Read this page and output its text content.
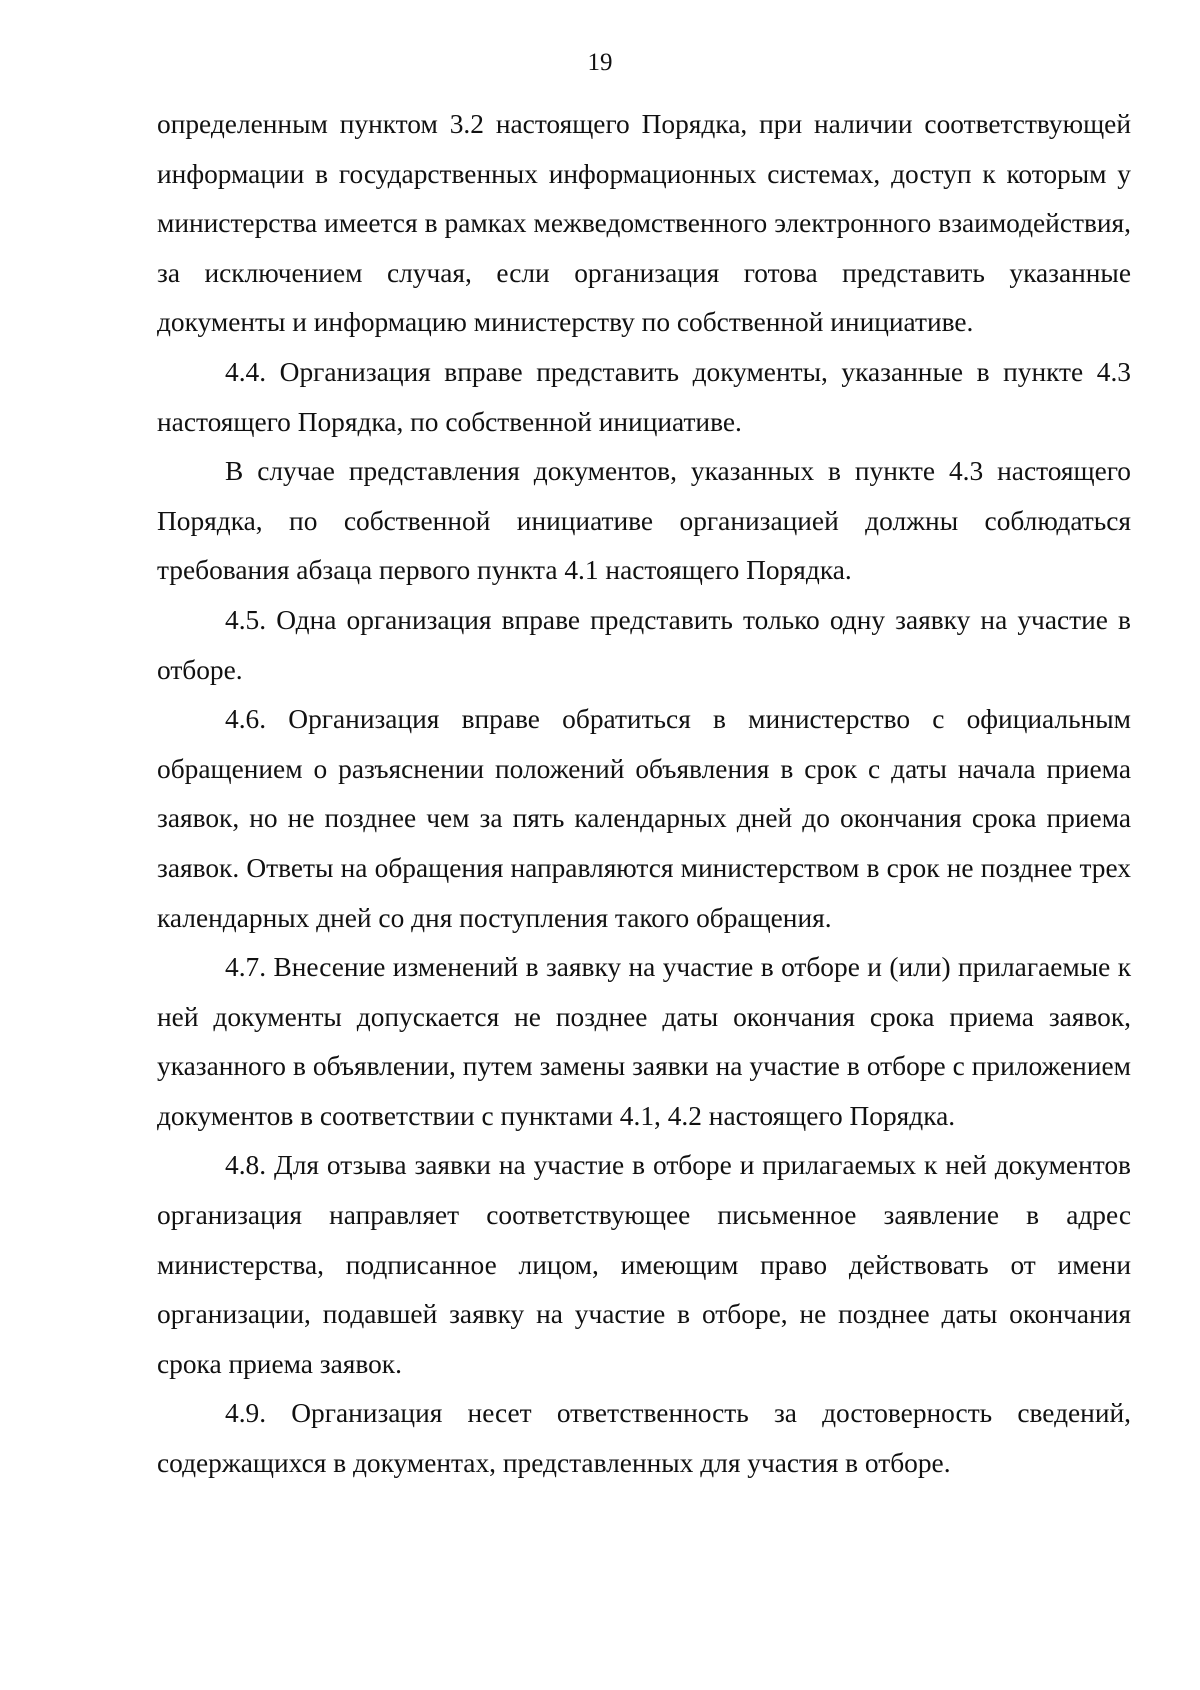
19

определенным пунктом 3.2 настоящего Порядка, при наличии соответствующей информации в государственных информационных системах, доступ к которым у министерства имеется в рамках межведомственного электронного взаимодействия, за исключением случая, если организация готова представить указанные документы и информацию министерству по собственной инициативе.

4.4. Организация вправе представить документы, указанные в пункте 4.3 настоящего Порядка, по собственной инициативе.

В случае представления документов, указанных в пункте 4.3 настоящего Порядка, по собственной инициативе организацией должны соблюдаться требования абзаца первого пункта 4.1 настоящего Порядка.

4.5. Одна организация вправе представить только одну заявку на участие в отборе.

4.6. Организация вправе обратиться в министерство с официальным обращением о разъяснении положений объявления в срок с даты начала приема заявок, но не позднее чем за пять календарных дней до окончания срока приема заявок. Ответы на обращения направляются министерством в срок не позднее трех календарных дней со дня поступления такого обращения.

4.7. Внесение изменений в заявку на участие в отборе и (или) прилагаемые к ней документы допускается не позднее даты окончания срока приема заявок, указанного в объявлении, путем замены заявки на участие в отборе с приложением документов в соответствии с пунктами 4.1, 4.2 настоящего Порядка.

4.8. Для отзыва заявки на участие в отборе и прилагаемых к ней документов организация направляет соответствующее письменное заявление в адрес министерства, подписанное лицом, имеющим право действовать от имени организации, подавшей заявку на участие в отборе, не позднее даты окончания срока приема заявок.

4.9. Организация несет ответственность за достоверность сведений, содержащихся в документах, представленных для участия в отборе.
